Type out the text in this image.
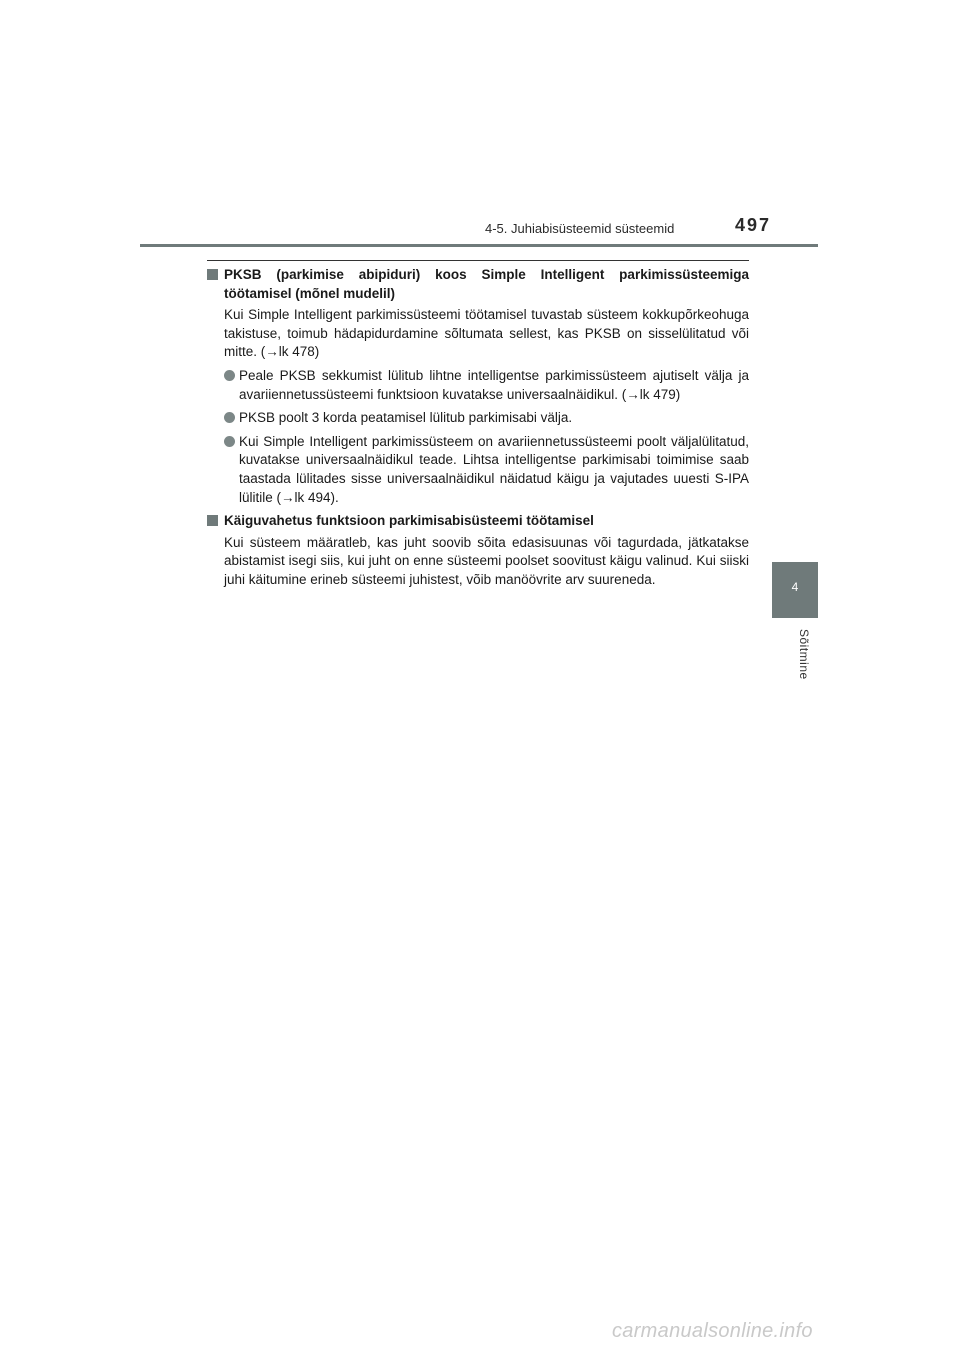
4-5. Juhiabisüsteemid süsteemid	497
4
Sõitmine
PKSB (parkimise abipiduri) koos Simple Intelligent parkimissüsteemiga töötamisel (mõnel mudelil)
Kui Simple Intelligent parkimissüsteemi töötamisel tuvastab süsteem kokkupõrkeohuga takistuse, toimub hädapidurdamine sõltumata sellest, kas PKSB on sisselülitatud või mitte. (→lk 478)
Peale PKSB sekkumist lülitub lihtne intelligentse parkimissüsteem ajutiselt välja ja avariiennetussüsteemi funktsioon kuvatakse universaalnäidikul. (→lk 479)
PKSB poolt 3 korda peatamisel lülitub parkimisabi välja.
Kui Simple Intelligent parkimissüsteem on avariiennetussüsteemi poolt väljalülitatud, kuvatakse universaalnäidikul teade. Lihtsa intelligentse parkimisabi toimimise saab taastada lülitades sisse universaalnäidikul näidatud käigu ja vajutades uuesti S-IPA lülitile (→lk 494).
Käiguvahetus funktsioon parkimisabisüsteemi töötamisel
Kui süsteem määratleb, kas juht soovib sõita edasisuunas või tagurdada, jätkatakse abistamist isegi siis, kui juht on enne süsteemi poolset soovitust käigu valinud. Kui siiski juhi käitumine erineb süsteemi juhistest, võib manöövrite arv suureneda.
carmanualsonline.info
